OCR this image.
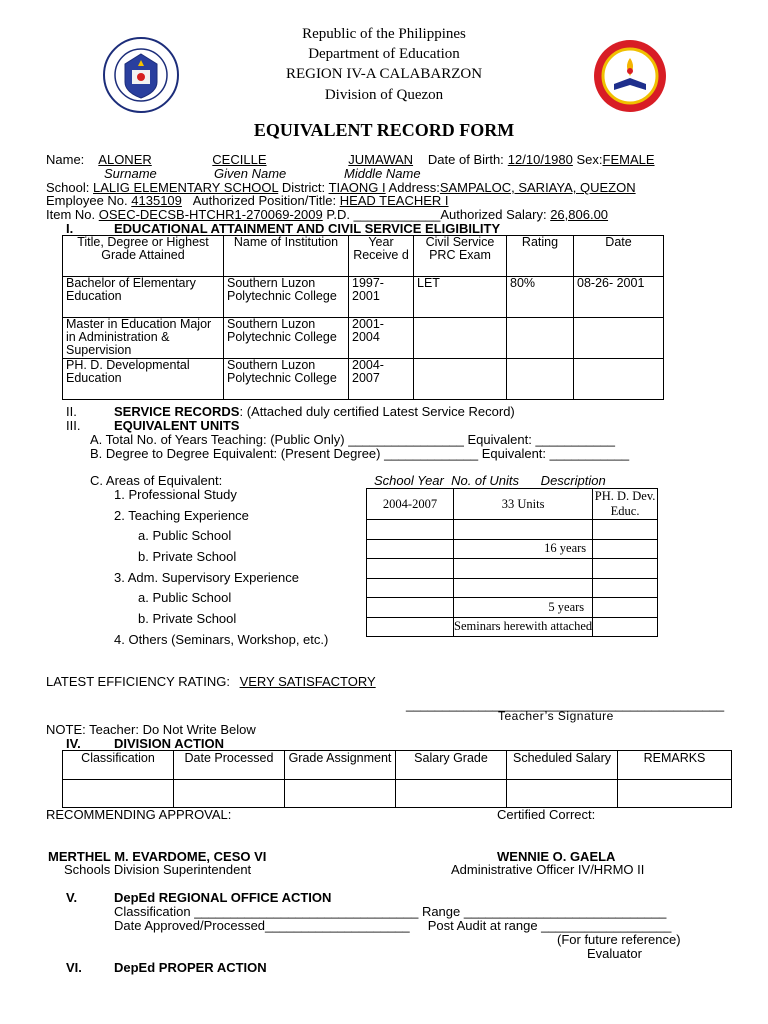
Republic of the Philippines
Department of Education
REGION IV-A CALABARZON
Division of Quezon
EQUIVALENT RECORD FORM
Name: ALONER	CECILLE	JUMAWAN Date of Birth: 12/10/1980 Sex:FEMALE
Surname	Given Name	Middle Name
School: LALIG ELEMENTARY SCHOOL District: TIAONG I Address:SAMPALOC, SARIAYA, QUEZON
Employee No. 4135109 Authorized Position/Title: HEAD TEACHER I
Item No. OSEC-DECSB-HTCHR1-270069-2009 P.D. ____________Authorized Salary: 26,806.00
I.	EDUCATIONAL ATTAINMENT AND CIVIL SERVICE ELIGIBILITY
Title, Degree or Highest Grade Attained	Name of Institution	Year Receive d	Civil Service PRC Exam	Rating	Date
Bachelor of Elementary Education	Southern Luzon Polytechnic College	1997- 2001	LET	80%	08-26- 2001
Master in Education Major in Administration & Supervision	Southern Luzon Polytechnic College	2001- 2004			
PH. D. Developmental Education	Southern Luzon Polytechnic College	2004- 2007			
II.	SERVICE RECORDS: (Attached duly certified Latest Service Record)
III.	EQUIVALENT UNITS
A. Total No. of Years Teaching: (Public Only) ________________ Equivalent: ___________
B. Degree to Degree Equivalent: (Present Degree) _____________ Equivalent: ___________
C. Areas of Equivalent:	School Year  No. of Units      Description
1. Professional Study
2. Teaching Experience
a. Public School
b. Private School
3. Adm. Supervisory Experience
a. Public School
b. Private School
4. Others (Seminars, Workshop, etc.)
2004-2007	33 Units	PH. D. Dev. Educ.

	16 years	

	5 years	
	Seminars herewith attached	
LATEST EFFICIENCY RATING: VERY SATISFACTORY
____________________________________________
Teacher’s Signature
NOTE: Teacher: Do Not Write Below
IV.	DIVISION ACTION
Classification	Date Processed	Grade Assignment	Salary Grade	Scheduled Salary	REMARKS

RECOMMENDING APPROVAL:	Certified Correct:
MERTHEL M. EVARDOME, CESO VI
Schools Division Superintendent
WENNIE O. GAELA
Administrative Officer IV/HRMO II
V.	DepEd REGIONAL OFFICE ACTION
Classification _______________________________ Range ____________________________
Date Approved/Processed____________________     Post Audit at range __________________
(For future reference)
Evaluator
VI. DepEd PROPER ACTION
